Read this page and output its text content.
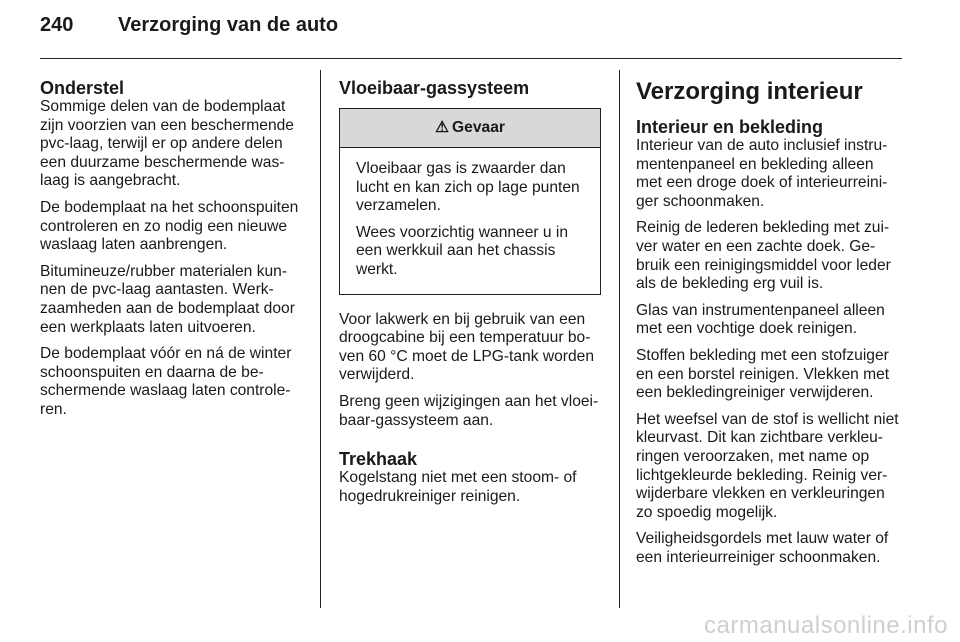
240 Verzorging van de auto
Onderstel

Sommige delen van de bodemplaat
zijn voorzien van een beschermende
pvc-laag, terwijl er op andere delen
een duurzame beschermende was-
laag is aangebracht.

De bodemplaat na het schoonspuiten
controleren en zo nodig een nieuwe
waslaag laten aanbrengen.

Bitumineuze/rubber materialen kun-
nen de pvc-laag aantasten. Werk-
zaamheden aan de bodemplaat door
een werkplaats laten uitvoeren.

De bodemplaat vóór en ná de winter
schoonspuiten en daarna de be-
schermende waslaag laten controle-
ren.

Vloeibaar-gassysteem
⚠ Gevaar

Vloeibaar gas is zwaarder dan
lucht en kan zich op lage punten
verzamelen.

Wees voorzichtig wanneer u in
een werkkuil aan het chassis
werkt.

Voor lakwerk en bij gebruik van een
droogcabine bij een temperatuur bo-
ven 60 °C moet de LPG-tank worden
verwijderd.

Breng geen wijzigingen aan het vloei-
baar-gassysteem aan.

Trekhaak

Kogelstang niet met een stoom- of
hogedrukreiniger reinigen.

Verzorging interieur
Interieur en bekleding

Interieur van de auto inclusief instru-
mentenpaneel en bekleding alleen
met een droge doek of interieurreini-
ger schoonmaken.

Reinig de lederen bekleding met zui-
ver water en een zachte doek. Ge-
bruik een reinigingsmiddel voor leder
als de bekleding erg vuil is.

Glas van instrumentenpaneel alleen
met een vochtige doek reinigen.

Stoffen bekleding met een stofzuiger
en een borstel reinigen. Vlekken met
een bekledingreiniger verwijderen.

Het weefsel van de stof is wellicht niet
kleurvast. Dit kan zichtbare verkleu-
ringen veroorzaken, met name op
lichtgekleurde bekleding. Reinig ver-
wijderbare vlekken en verkleuringen
zo spoedig mogelijk.

Veiligheidsgordels met lauw water of
een interieurreiniger schoonmaken.

carmanualsonline.info
